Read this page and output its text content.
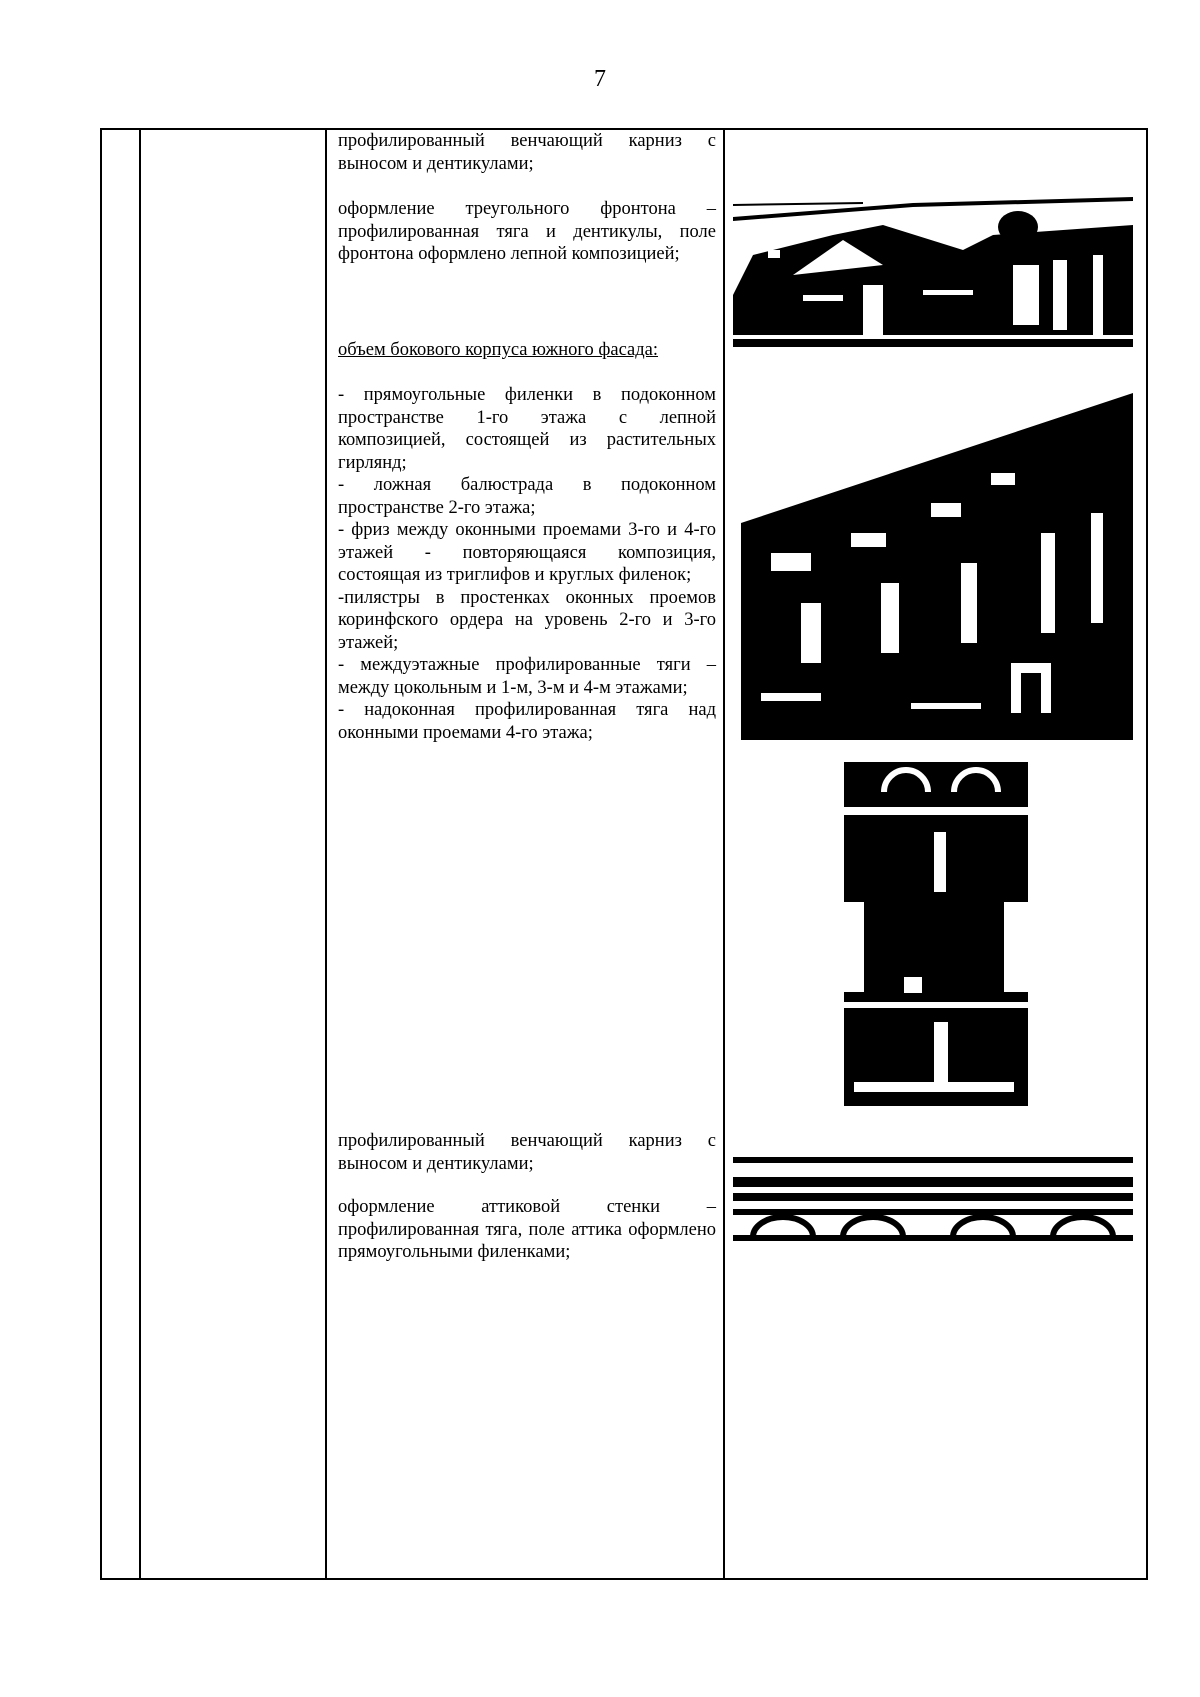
7

профилированный венчающий карниз с

выносом и дентикулами;

оформление треугольного фронтона – профилированная тяга и дентикулы, поле фронтона оформлено лепной композицией;

объем бокового корпуса южного фасада:

- прямоугольные филенки в подоконном пространстве 1-го этажа с лепной композицией, состоящей из растительных гирлянд;

- ложная балюстрада в подоконном пространстве 2-го этажа;

- фриз между оконными проемами 3-го и 4-го этажей - повторяющаяся композиция, состоящая из триглифов и круглых филенок;

-пилястры в простенках оконных проемов коринфского ордера на уровень 2-го и 3-го этажей;

- междуэтажные профилированные тяги – между цокольным и 1-м, 3-м и 4-м этажами;

- надоконная профилированная тяга над оконными проемами 4-го этажа;

профилированный венчающий карниз с

выносом и дентикулами;

оформление аттиковой стенки – профилированная тяга, поле аттика оформлено прямоугольными филенками;
